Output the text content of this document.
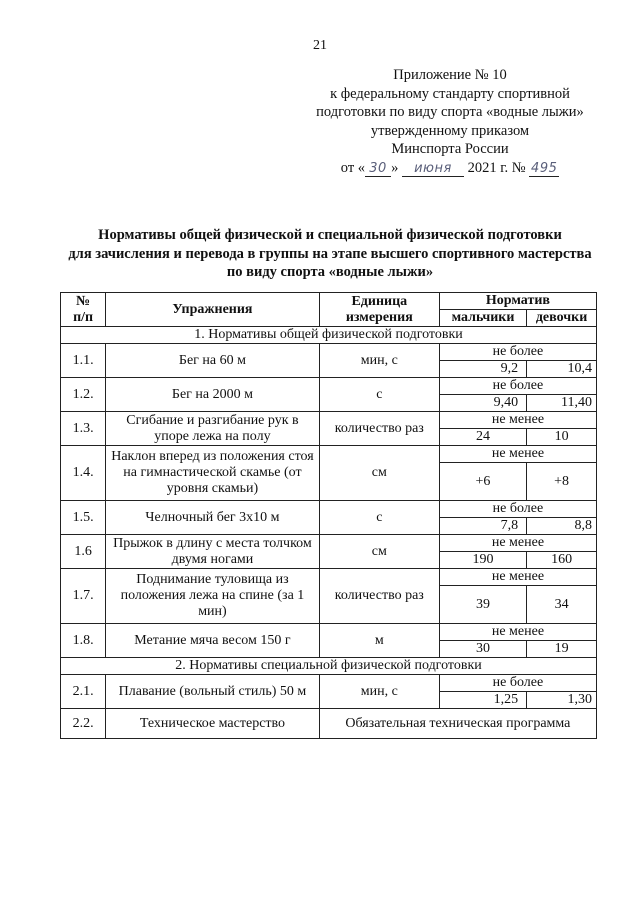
21
Приложение № 10
к федеральному стандарту спортивной
подготовки по виду спорта «водные лыжи»
утвержденному приказом
Минспорта России
от « 30 » июня 2021 г. № 495
Нормативы общей физической и специальной физической подготовки
для зачисления и перевода в группы на этапе высшего спортивного мастерства
по виду спорта «водные лыжи»
№ п/п	Упражнения	Единица измерения	Норматив	
			мальчики	девочки
1. Нормативы общей физической подготовки				
1.1.	Бег на 60 м	мин, с	не более	
			9,2	10,4
1.2.	Бег на 2000 м	с	не более	
			9,40	11,40
1.3.	Сгибание и разгибание рук в упоре лежа на полу	количество раз	не менее	
			24	10
1.4.	Наклон вперед из положения стоя на гимнастической скамье (от уровня скамьи)	см	не менее	
			+6	+8
1.5.	Челночный бег 3х10 м	с	не более	
			7,8	8,8
1.6	Прыжок в длину с места толчком двумя ногами	см	не менее	
			190	160
1.7.	Поднимание туловища из положения лежа на спине (за 1 мин)	количество раз	не менее	
			39	34
1.8.	Метание мяча весом 150 г	м	не менее	
			30	19
2. Нормативы специальной физической подготовки				
2.1.	Плавание (вольный стиль) 50 м	мин, с	не более	
			1,25	1,30
2.2.	Техническое мастерство	Обязательная техническая программа		
